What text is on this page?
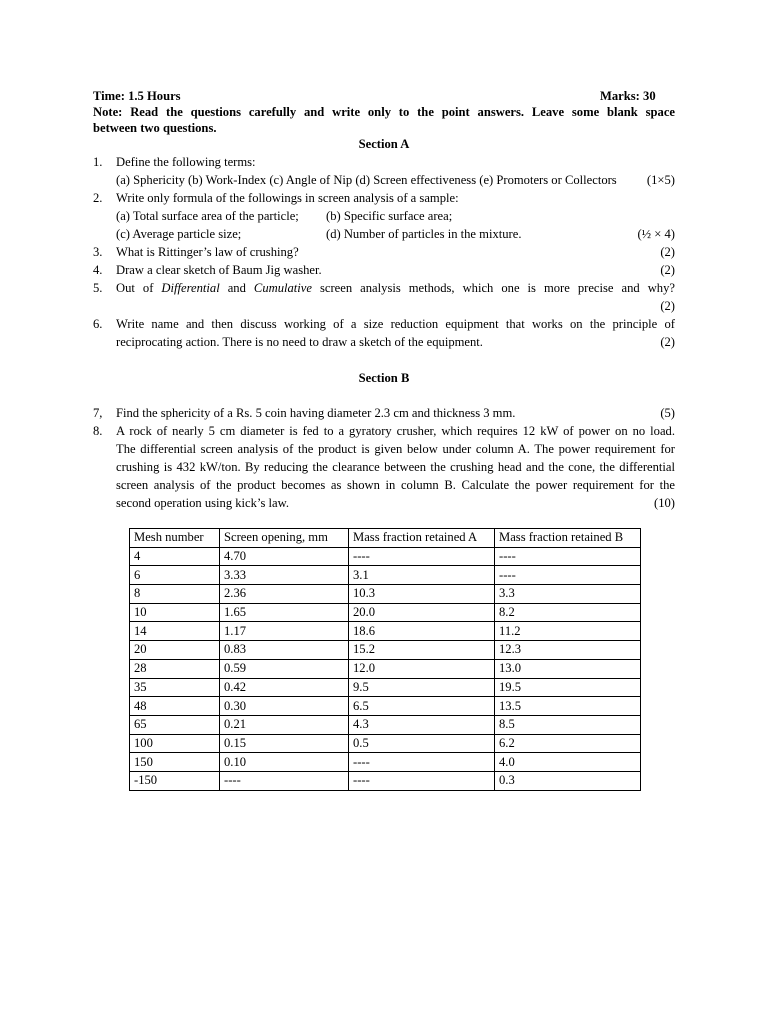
Time: 1.5 Hours	Marks: 30
Note: Read the questions carefully and write only to the point answers. Leave some blank space
between two questions.
Section A
1. Define the following terms:
(a) Sphericity (b) Work-Index (c) Angle of Nip (d) Screen effectiveness (e) Promoters or Collectors (1×5)
2. Write only formula of the followings in screen analysis of a sample:
(a) Total surface area of the particle; (b) Specific surface area;
(c) Average particle size;	(d) Number of particles in the mixture.	(½ × 4)
3. What is Rittinger’s law of crushing?	(2)
4. Draw a clear sketch of Baum Jig washer.	(2)
5. Out of Differential and Cumulative screen analysis methods, which one is more precise and why?
(2)
6. Write name and then discuss working of a size reduction equipment that works on the principle of
reciprocating action. There is no need to draw a sketch of the equipment.	(2)
Section B
7, Find the sphericity of a Rs. 5 coin having diameter 2.3 cm and thickness 3 mm.	(5)
8. A rock of nearly 5 cm diameter is fed to a gyratory crusher, which requires 12 kW of power on no load.
The differential screen analysis of the product is given below under column A. The power requirement for
crushing is 432 kW/ton. By reducing the clearance between the crushing head and the cone, the differential
screen analysis of the product becomes as shown in column B. Calculate the power requirement for the
second operation using kick’s law.	(10)
Mesh number	Screen opening, mm	Mass fraction retained A	Mass fraction retained B
4	4.70	----	----
6	3.33	3.1	----
8	2.36	10.3	3.3
10	1.65	20.0	8.2
14	1.17	18.6	11.2
20	0.83	15.2	12.3
28	0.59	12.0	13.0
35	0.42	9.5	19.5
48	0.30	6.5	13.5
65	0.21	4.3	8.5
100	0.15	0.5	6.2
150	0.10	----	4.0
-150	----	----	0.3
